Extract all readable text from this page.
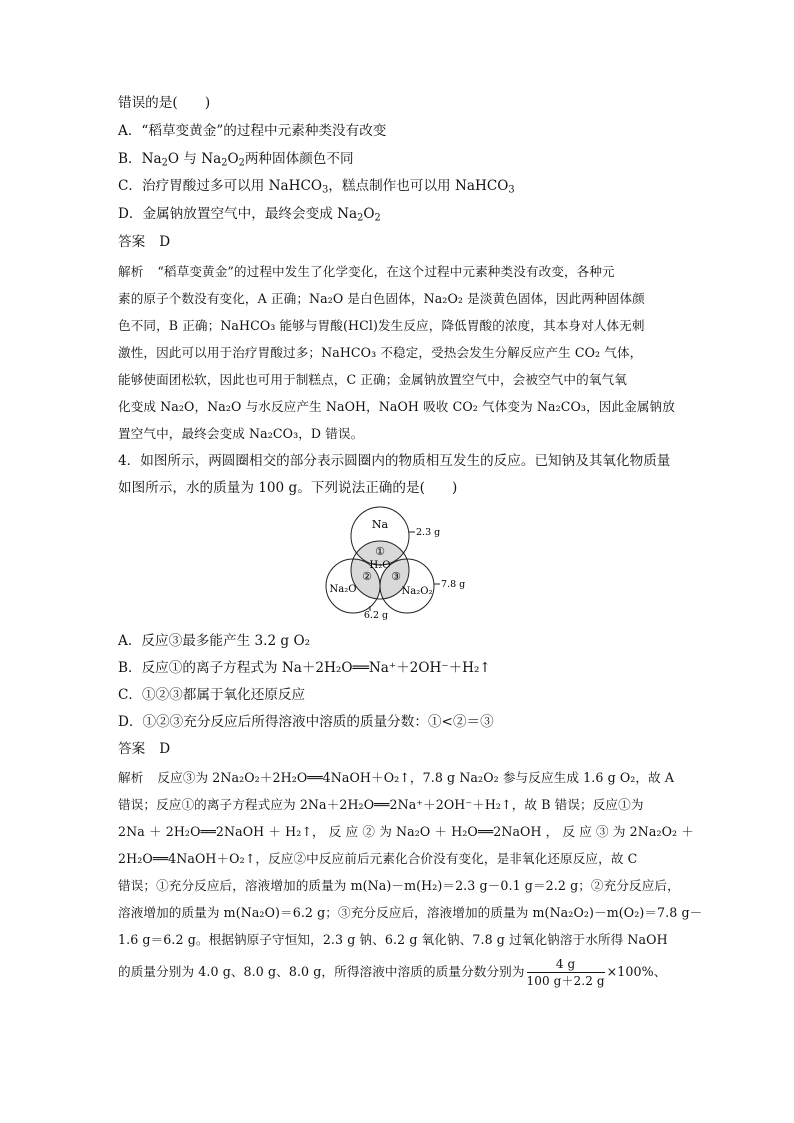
错误的是(　　)
A．“稻草变黄金”的过程中元素种类没有改变
B．$Na_2O$ 与 $Na_2O_2$两种固体颜色不同
C．治疗胃酸过多可以用 NaHCO$_3$，糕点制作也可以用 NaHCO$_3$
D．金属钠放置空气中，最终会变成 $Na_2O_2$
答案 D
解析 “稻草变黄金”的过程中发生了化学变化，在这个过程中元素种类没有改变，各种元
素的原子个数没有变化，A 正确；Na₂O 是白色固体，Na₂O₂ 是淡黄色固体，因此两种固体颜
色不同，B 正确；NaHCO₃ 能够与胃酸(HCl)发生反应，降低胃酸的浓度，其本身对人体无刺
激性，因此可以用于治疗胃酸过多；NaHCO₃ 不稳定，受热会发生分解反应产生 CO₂ 气体，
能够使面团松软，因此也可用于制糕点，C 正确；金属钠放置空气中，会被空气中的氧气氧
化变成 Na₂O，Na₂O 与水反应产生 NaOH，NaOH 吸收 CO₂ 气体变为 Na₂CO₃，因此金属钠放
置空气中，最终会变成 Na₂CO₃，D 错误。
4．如图所示，两圆圈相交的部分表示圆圈内的物质相互发生的反应。已知钠及其氧化物质量
如图所示，水的质量为 100 g。下列说法正确的是(　　)
Na
2.3 g
①
H₂O
② ③
Na₂O	Na₂O₂
7.8 g
6.2 g
A．反应③最多能产生 3.2 g O₂
B．反应①的离子方程式为 Na＋2H₂O══Na⁺＋2OH⁻＋H₂↑
C．①②③都属于氧化还原反应
D．①②③充分反应后所得溶液中溶质的质量分数：①<②＝③
答案 D
解析 反应③为 2Na₂O₂＋2H₂O══4NaOH＋O₂↑，7.8 g Na₂O₂ 参与反应生成 1.6 g O₂，故 A
错误；反应①的离子方程式应为 2Na＋2H₂O══2Na⁺＋2OH⁻＋H₂↑，故 B 错误；反应①为
2Na ＋ 2H₂O══2NaOH ＋ H₂↑， 反 应 ② 为 Na₂O ＋ H₂O══2NaOH ， 反 应 ③ 为 2Na₂O₂ ＋
2H₂O══4NaOH＋O₂↑，反应②中反应前后元素化合价没有变化，是非氧化还原反应，故 C
错误；①充分反应后，溶液增加的质量为 m(Na)－m(H₂)＝2.3 g－0.1 g＝2.2 g；②充分反应后，
溶液增加的质量为 m(Na₂O)＝6.2 g；③充分反应后，溶液增加的质量为 m(Na₂O₂)－m(O₂)＝7.8 g－
1.6 g＝6.2 g。根据钠原子守恒知，2.3 g 钠、6.2 g 氧化钠、7.8 g 过氧化钠溶于水所得 NaOH
的质量分别为 4.0 g、8.0 g、8.0 g，所得溶液中溶质的质量分数分别为 $\frac{4 g}{100 g+2.2 g} \times 100\%$、
